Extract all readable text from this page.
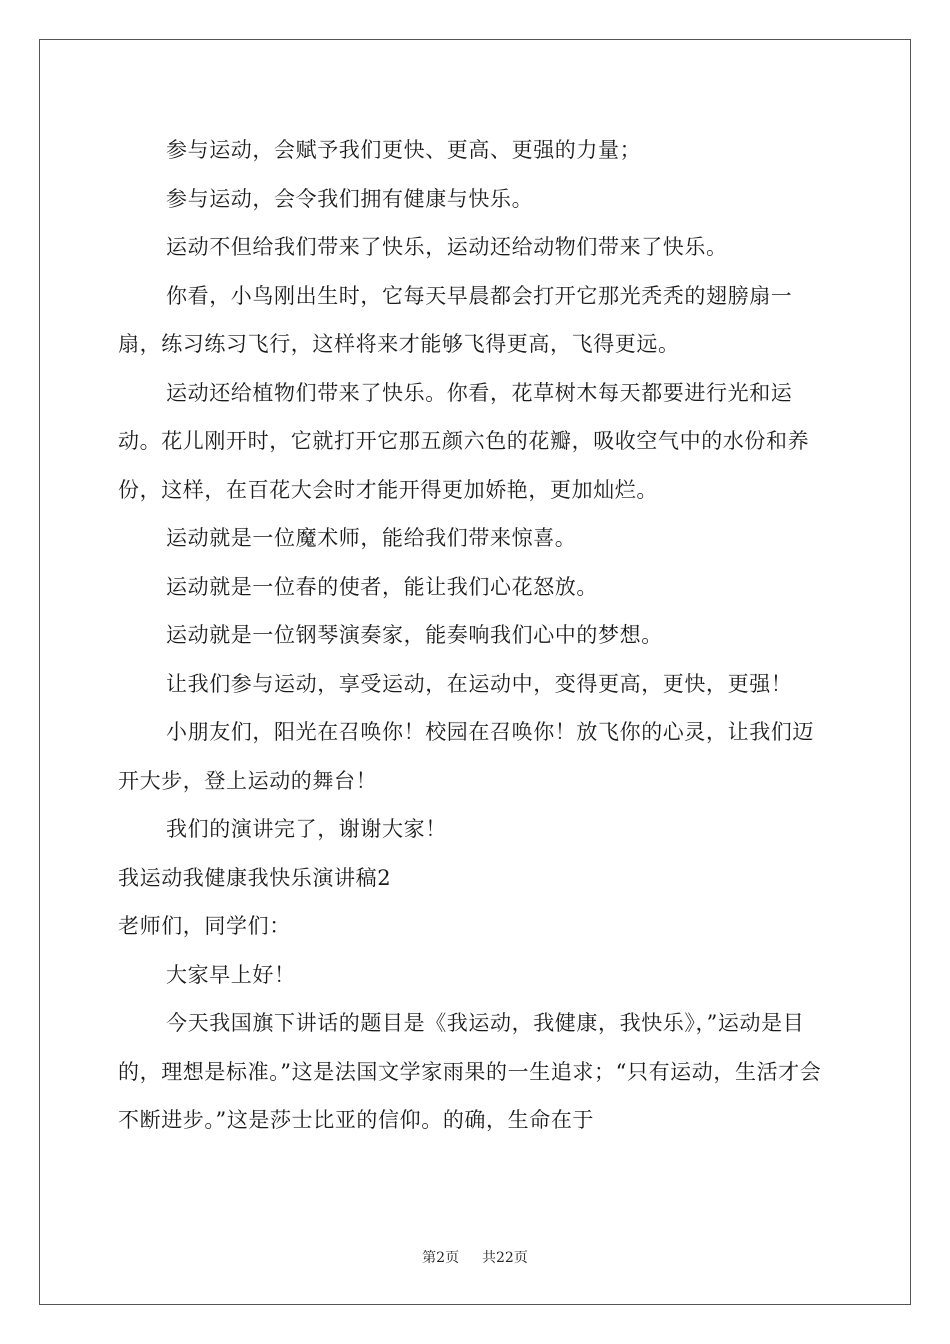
参与运动，会赋予我们更快、更高、更强的力量；

参与运动，会令我们拥有健康与快乐。

运动不但给我们带来了快乐，运动还给动物们带来了快乐。

你看，小鸟刚出生时，它每天早晨都会打开它那光秃秃的翅膀扇一扇，练习练习飞行，这样将来才能够飞得更高，飞得更远。

运动还给植物们带来了快乐。你看，花草树木每天都要进行光和运动。花儿刚开时，它就打开它那五颜六色的花瓣，吸收空气中的水份和养份，这样，在百花大会时才能开得更加娇艳，更加灿烂。

运动就是一位魔术师，能给我们带来惊喜。

运动就是一位春的使者，能让我们心花怒放。

运动就是一位钢琴演奏家，能奏响我们心中的梦想。

让我们参与运动，享受运动，在运动中，变得更高，更快，更强！

小朋友们，阳光在召唤你！校园在召唤你！放飞你的心灵，让我们迈开大步，登上运动的舞台！

我们的演讲完了，谢谢大家！

我运动我健康我快乐演讲稿2

老师们，同学们：

大家早上好！

今天我国旗下讲话的题目是《我运动，我健康，我快乐》，”运动是目的，理想是标准。”这是法国文学家雨果的一生追求；“只有运动，生活才会不断进步。”这是莎士比亚的信仰。的确，生命在于

第2页 共22页
